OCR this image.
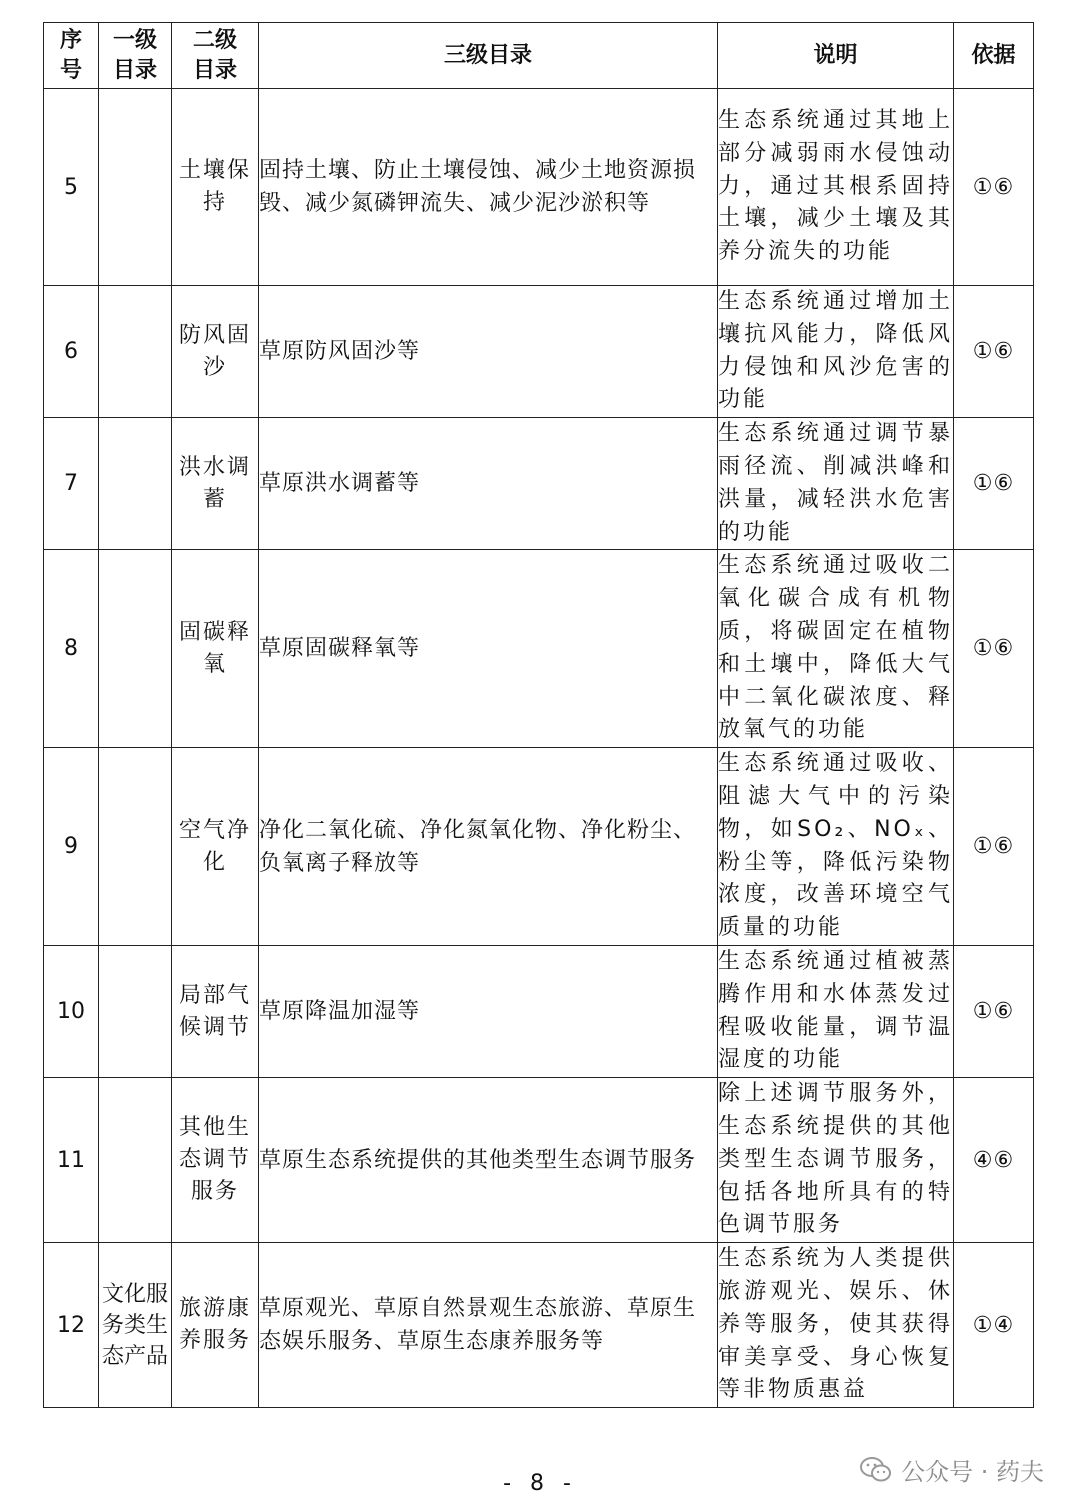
序号	一级目录	二级目录	三级目录	说明	依据
5		土壤保持	固持土壤、防止土壤侵蚀、减少土地资源损毁、减少氮磷钾流失、减少泥沙淤积等	生态系统通过其地上部分减弱雨水侵蚀动力，通过其根系固持土壤，减少土壤及其养分流失的功能	①⑥
6		防风固沙	草原防风固沙等	生态系统通过增加土壤抗风能力，降低风力侵蚀和风沙危害的功能	①⑥
7		洪水调蓄	草原洪水调蓄等	生态系统通过调节暴雨径流、削减洪峰和洪量，减轻洪水危害的功能	①⑥
8		固碳释氧	草原固碳释氧等	生态系统通过吸收二氧化碳合成有机物质，将碳固定在植物和土壤中，降低大气中二氧化碳浓度、释放氧气的功能	①⑥
9		空气净化	净化二氧化硫、净化氮氧化物、净化粉尘、负氧离子释放等	生态系统通过吸收、阻滤大气中的污染物，如SO₂、NOₓ、粉尘等，降低污染物浓度，改善环境空气质量的功能	①⑥
10		局部气候调节	草原降温加湿等	生态系统通过植被蒸腾作用和水体蒸发过程吸收能量，调节温湿度的功能	①⑥
11		其他生态调节服务	草原生态系统提供的其他类型生态调节服务	除上述调节服务外，生态系统提供的其他类型生态调节服务，包括各地所具有的特色调节服务	④⑥
12	文化服务类生态产品	旅游康养服务	草原观光、草原自然景观生态旅游、草原生态娱乐服务、草原生态康养服务等	生态系统为人类提供旅游观光、娱乐、休养等服务，使其获得审美享受、身心恢复等非物质惠益	①④
公众号 · 药夫
- 8 -
